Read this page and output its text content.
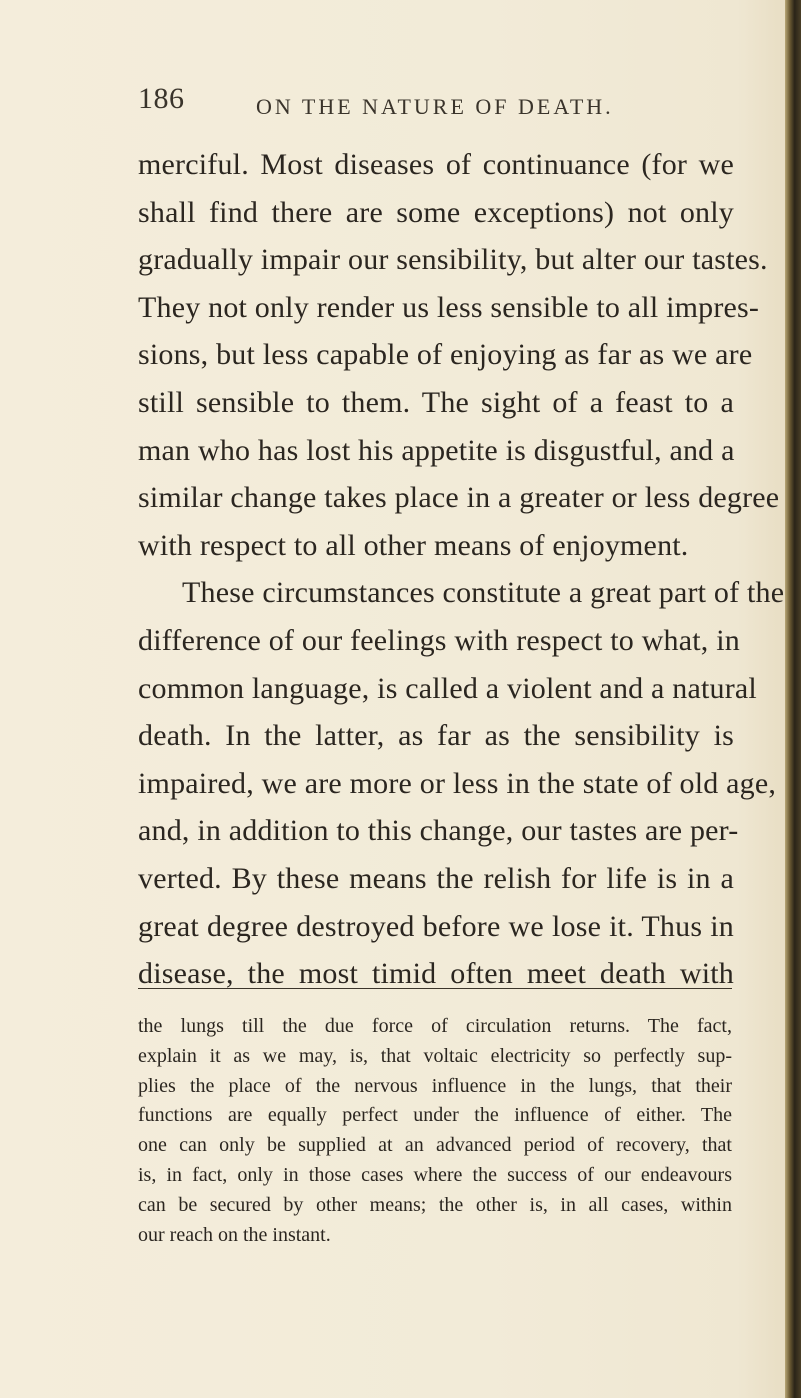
186	ON THE NATURE OF DEATH.
merciful. Most diseases of continuance (for we
shall find there are some exceptions) not only
gradually impair our sensibility, but alter our tastes.
They not only render us less sensible to all impres-
sions, but less capable of enjoying as far as we are
still sensible to them. The sight of a feast to a
man who has lost his appetite is disgustful, and a
similar change takes place in a greater or less degree
with respect to all other means of enjoyment.
These circumstances constitute a great part of the
difference of our feelings with respect to what, in
common language, is called a violent and a natural
death. In the latter, as far as the sensibility is
impaired, we are more or less in the state of old age,
and, in addition to this change, our tastes are per-
verted. By these means the relish for life is in a
great degree destroyed before we lose it. Thus in
disease, the most timid often meet death with
the lungs till the due force of circulation returns. The fact,
explain it as we may, is, that voltaic electricity so perfectly sup-
plies the place of the nervous influence in the lungs, that their
functions are equally perfect under the influence of either. The
one can only be supplied at an advanced period of recovery, that
is, in fact, only in those cases where the success of our endeavours
can be secured by other means; the other is, in all cases, within
our reach on the instant.
